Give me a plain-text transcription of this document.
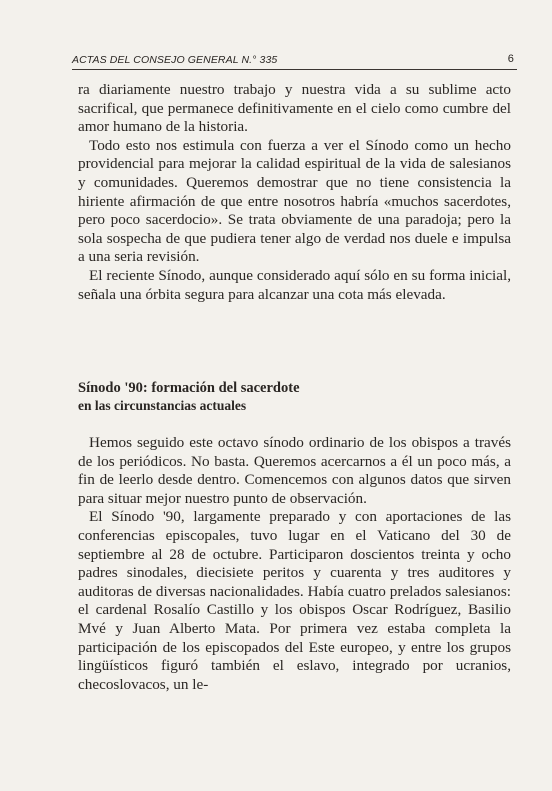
ACTAS DEL CONSEJO GENERAL N.° 335	6

ra diariamente nuestro trabajo y nuestra vida a su sublime acto sacrifical, que permanece definitivamente en el cielo como cumbre del amor humano de la historia.

Todo esto nos estimula con fuerza a ver el Sínodo como un hecho providencial para mejorar la calidad espiritual de la vida de salesianos y comunidades. Queremos demostrar que no tiene consistencia la hiriente afirmación de que entre nosotros habría «muchos sacerdotes, pero poco sacerdocio». Se trata obviamente de una paradoja; pero la sola sospecha de que pudiera tener algo de verdad nos duele e impulsa a una seria revisión.

El reciente Sínodo, aunque considerado aquí sólo en su forma inicial, señala una órbita segura para alcanzar una cota más elevada.

Sínodo '90: formación del sacerdote
en las circunstancias actuales

Hemos seguido este octavo sínodo ordinario de los obispos a través de los periódicos. No basta. Queremos acercarnos a él un poco más, a fin de leerlo desde dentro. Comencemos con algunos datos que sirven para situar mejor nuestro punto de observación.

El Sínodo '90, largamente preparado y con aportaciones de las conferencias episcopales, tuvo lugar en el Vaticano del 30 de septiembre al 28 de octubre. Participaron doscientos treinta y ocho padres sinodales, diecisiete peritos y cuarenta y tres auditores y auditoras de diversas nacionalidades. Había cuatro prelados salesianos: el cardenal Rosalío Castillo y los obispos Oscar Rodríguez, Basilio Mvé y Juan Alberto Mata. Por primera vez estaba completa la participación de los episcopados del Este europeo, y entre los grupos lingüísticos figuró también el eslavo, integrado por ucranios, checoslovacos, un le-
